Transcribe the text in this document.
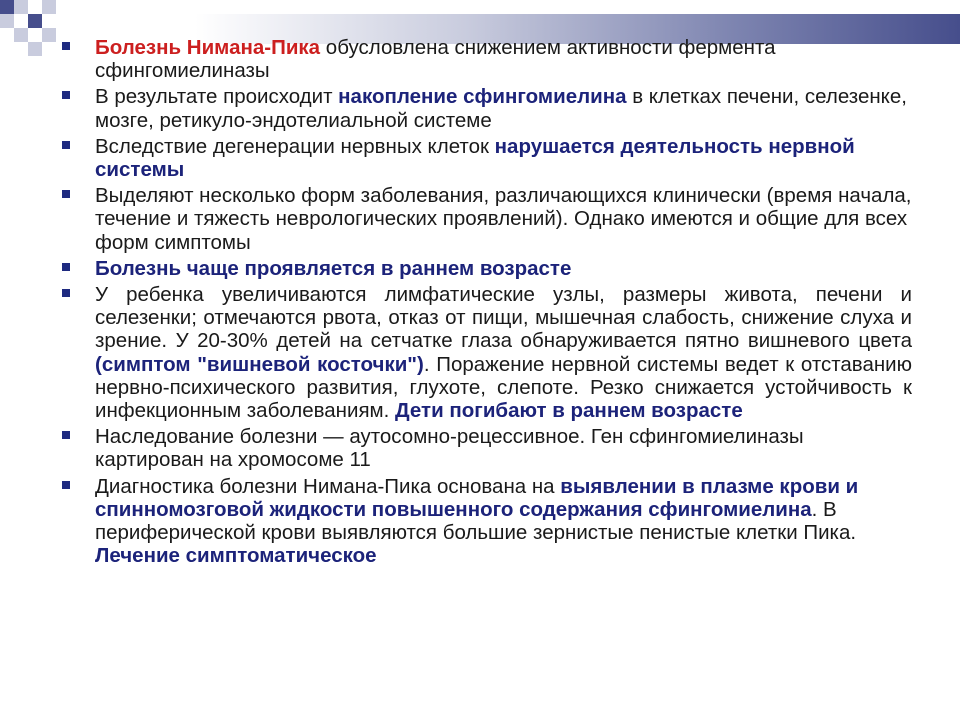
Болезнь Нимана-Пика обусловлена снижением активности фермента сфингомиелиназы
В результате происходит накопление сфингомиелина в клетках печени, селезенке, мозге, ретикуло-эндотелиальной системе
Вследствие дегенерации нервных клеток нарушается деятельность нервной системы
Выделяют несколько форм заболевания, различающихся клинически (время начала, течение и тяжесть неврологических проявлений). Однако имеются и общие для всех форм симптомы
Болезнь чаще проявляется в раннем возрасте
У ребенка увеличиваются лимфатические узлы, размеры живота, печени и селезенки; отмечаются рвота, отказ от пищи, мышечная слабость, снижение слуха и зрение. У 20-30% детей на сетчатке глаза обнаруживается пятно вишневого цвета (симптом "вишневой косточки"). Поражение нервной системы ведет к отставанию нервно-психического развития, глухоте, слепоте. Резко снижается устойчивость к инфекционным заболеваниям. Дети погибают в раннем возрасте
Наследование болезни — аутосомно-рецессивное. Ген сфингомиелиназы картирован на хромосоме 11
Диагностика болезни Нимана-Пика основана на выявлении в плазме крови и спинномозговой жидкости повышенного содержания сфингомиелина. В периферической крови выявляются большие зернистые пенистые клетки Пика. Лечение симптоматическое
